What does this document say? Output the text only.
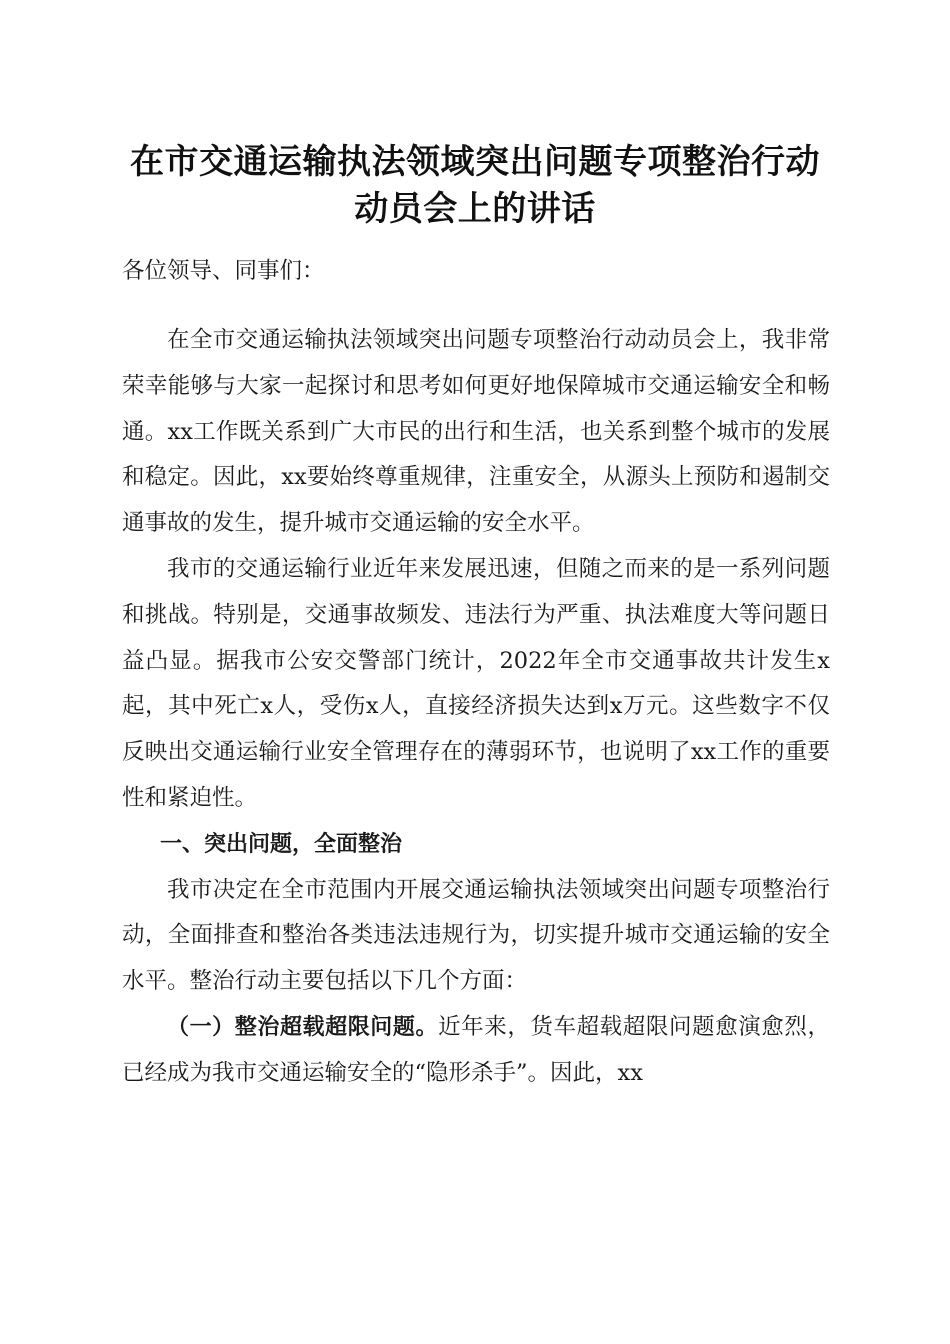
在市交通运输执法领域突出问题专项整治行动
动员会上的讲话
各位领导、同事们：

在全市交通运输执法领域突出问题专项整治行动动员会上，我非常荣幸能够与大家一起探讨和思考如何更好地保障城市交通运输安全和畅通。xx工作既关系到广大市民的出行和生活，也关系到整个城市的发展和稳定。因此，xx要始终尊重规律，注重安全，从源头上预防和遏制交通事故的发生，提升城市交通运输的安全水平。

我市的交通运输行业近年来发展迅速，但随之而来的是一系列问题和挑战。特别是，交通事故频发、违法行为严重、执法难度大等问题日益凸显。据我市公安交警部门统计，2022年全市交通事故共计发生x起，其中死亡x人，受伤x人，直接经济损失达到x万元。这些数字不仅反映出交通运输行业安全管理存在的薄弱环节，也说明了xx工作的重要性和紧迫性。

一、突出问题，全面整治

我市决定在全市范围内开展交通运输执法领域突出问题专项整治行动，全面排查和整治各类违法违规行为，切实提升城市交通运输的安全水平。整治行动主要包括以下几个方面：

（一）整治超载超限问题。近年来，货车超载超限问题愈演愈烈，已经成为我市交通运输安全的“隐形杀手”。因此，xx
